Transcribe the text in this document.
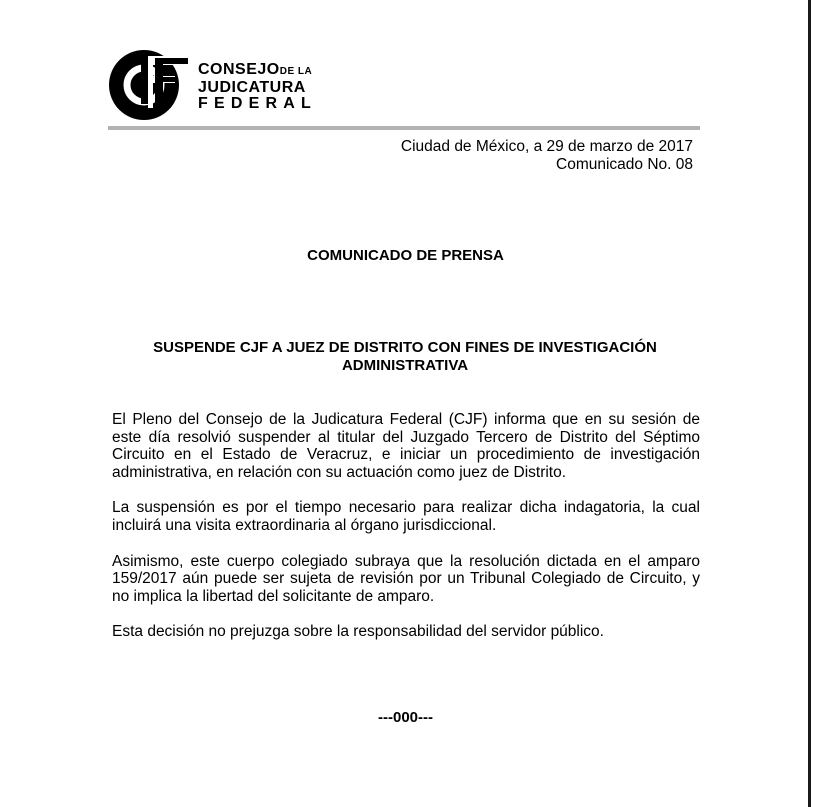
CONSEJODE LA
JUDICATURA
FEDERAL
Ciudad de México, a 29 de marzo de 2017
Comunicado No. 08
COMUNICADO DE PRENSA
SUSPENDE CJF A JUEZ DE DISTRITO CON FINES DE INVESTIGACIÓN ADMINISTRATIVA

El Pleno del Consejo de la Judicatura Federal (CJF) informa que en su sesión de este día resolvió suspender al titular del Juzgado Tercero de Distrito del Séptimo Circuito en el Estado de Veracruz, e iniciar un procedimiento de investigación administrativa, en relación con su actuación como juez de Distrito.

La suspensión es por el tiempo necesario para realizar dicha indagatoria, la cual incluirá una visita extraordinaria al órgano jurisdiccional.

Asimismo, este cuerpo colegiado subraya que la resolución dictada en el amparo 159/2017 aún puede ser sujeta de revisión por un Tribunal Colegiado de Circuito, y no implica la libertad del solicitante de amparo.

Esta decisión no prejuzga sobre la responsabilidad del servidor público.

---000---
